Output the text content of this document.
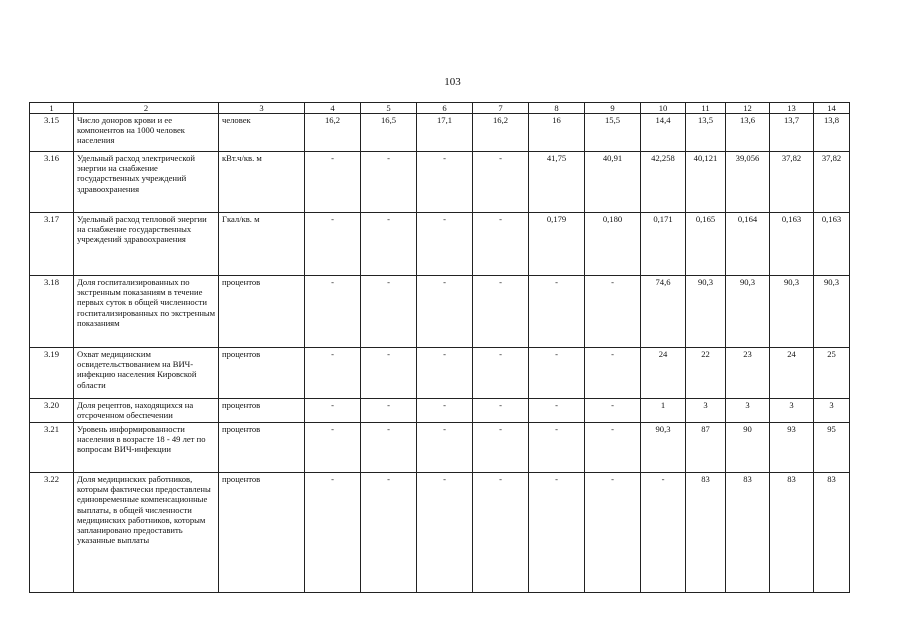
103
1	2	3	4	5	6	7	8	9	10	11	12	13	14
3.15	Число доноров крови и ее компонентов на 1000 человек населения	человек	16,2	16,5	17,1	16,2	16	15,5	14,4	13,5	13,6	13,7	13,8
3.16	Удельный расход электрической энергии на снабжение государственных учреждений здравоохранения	кВт.ч/кв. м	-	-	-	-	41,75	40,91	42,258	40,121	39,056	37,82	37,82
3.17	Удельный расход тепловой энергии на снабжение государственных учреждений здравоохранения	Гкал/кв. м	-	-	-	-	0,179	0,180	0,171	0,165	0,164	0,163	0,163
3.18	Доля госпитализированных по экстренным показаниям в течение первых суток в общей численности госпитализированных по экстренным показаниям	процентов	-	-	-	-	-	-	74,6	90,3	90,3	90,3	90,3
3.19	Охват медицинским освидетельствованием на ВИЧ-инфекцию населения Кировской области	процентов	-	-	-	-	-	-	24	22	23	24	25
3.20	Доля рецептов, находящихся на отсроченном обеспечении	процентов	-	-	-	-	-	-	1	3	3	3	3
3.21	Уровень информированности населения в возрасте 18 - 49 лет по вопросам ВИЧ-инфекции	процентов	-	-	-	-	-	-	90,3	87	90	93	95
3.22	Доля медицинских работников, которым фактически предоставлены единовременные компенсационные выплаты, в общей численности медицинских работников, которым запланировано предоставить указанные выплаты	процентов	-	-	-	-	-	-	-	83	83	83	83
